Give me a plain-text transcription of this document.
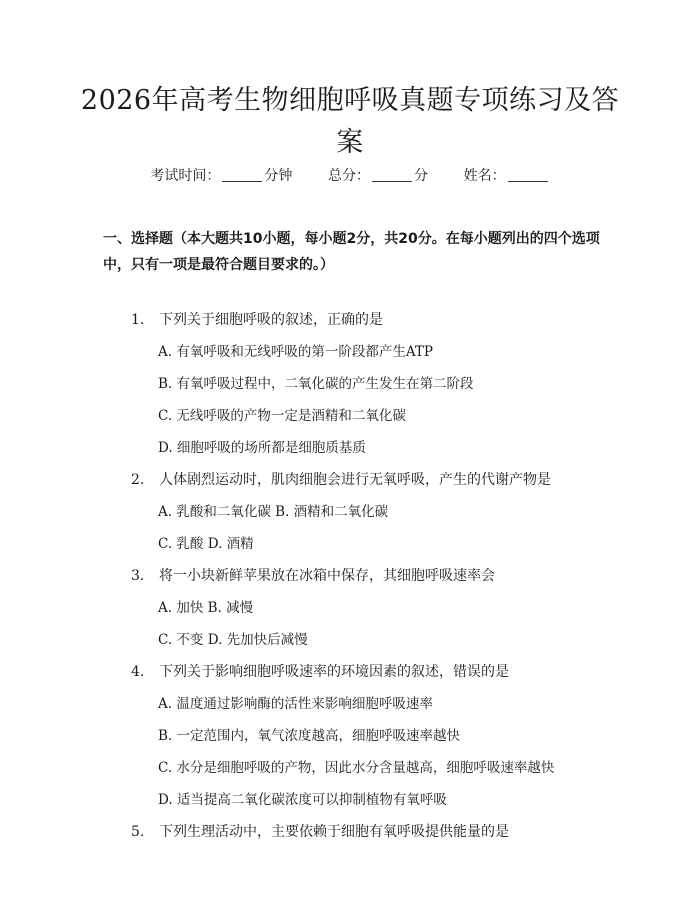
2026年高考生物细胞呼吸真题专项练习及答案
考试时间：	分钟	总分：	分	姓名：
一、选择题（本大题共10小题，每小题2分，共20分。在每小题列出的四个选项中，只有一项是最符合题目要求的。）
1. 下列关于细胞呼吸的叙述，正确的是
A. 有氧呼吸和无线呼吸的第一阶段都产生ATP
B. 有氧呼吸过程中，二氧化碳的产生发生在第二阶段
C. 无线呼吸的产物一定是酒精和二氧化碳
D. 细胞呼吸的场所都是细胞质基质
2. 人体剧烈运动时，肌肉细胞会进行无氧呼吸，产生的代谢产物是
A. 乳酸和二氧化碳 B. 酒精和二氧化碳
C. 乳酸 D. 酒精
3. 将一小块新鲜苹果放在冰箱中保存，其细胞呼吸速率会
A. 加快 B. 减慢
C. 不变 D. 先加快后减慢
4. 下列关于影响细胞呼吸速率的环境因素的叙述，错误的是
A. 温度通过影响酶的活性来影响细胞呼吸速率
B. 一定范围内，氧气浓度越高，细胞呼吸速率越快
C. 水分是细胞呼吸的产物，因此水分含量越高，细胞呼吸速率越快
D. 适当提高二氧化碳浓度可以抑制植物有氧呼吸
5. 下列生理活动中，主要依赖于细胞有氧呼吸提供能量的是
